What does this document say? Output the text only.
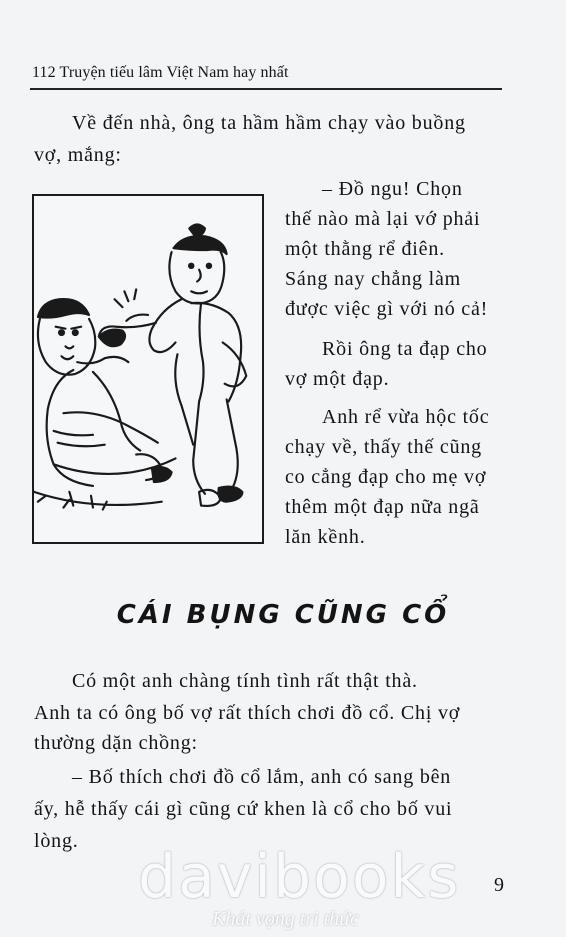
112 Truyện tiếu lâm Việt Nam hay nhất
Về đến nhà, ông ta hầm hầm chạy vào buồng
vợ, mắng:
– Đồ ngu! Chọn
thế nào mà lại vớ phải
một thằng rể điên.
Sáng nay chẳng làm
được việc gì với nó cả!
Rồi ông ta đạp cho
vợ một đạp.
Anh rể vừa hộc tốc
chạy về, thấy thế cũng
co cẳng đạp cho mẹ vợ
thêm một đạp nữa ngã
lăn kềnh.
CÁI BỤNG CŨNG CỔ
Có một anh chàng tính tình rất thật thà.
Anh ta có ông bố vợ rất thích chơi đồ cổ. Chị vợ
thường dặn chồng:
– Bố thích chơi đồ cổ lắm, anh có sang bên
ấy, hễ thấy cái gì cũng cứ khen là cổ cho bố vui
lòng.
davibooks
Khát vọng tri thức
9
